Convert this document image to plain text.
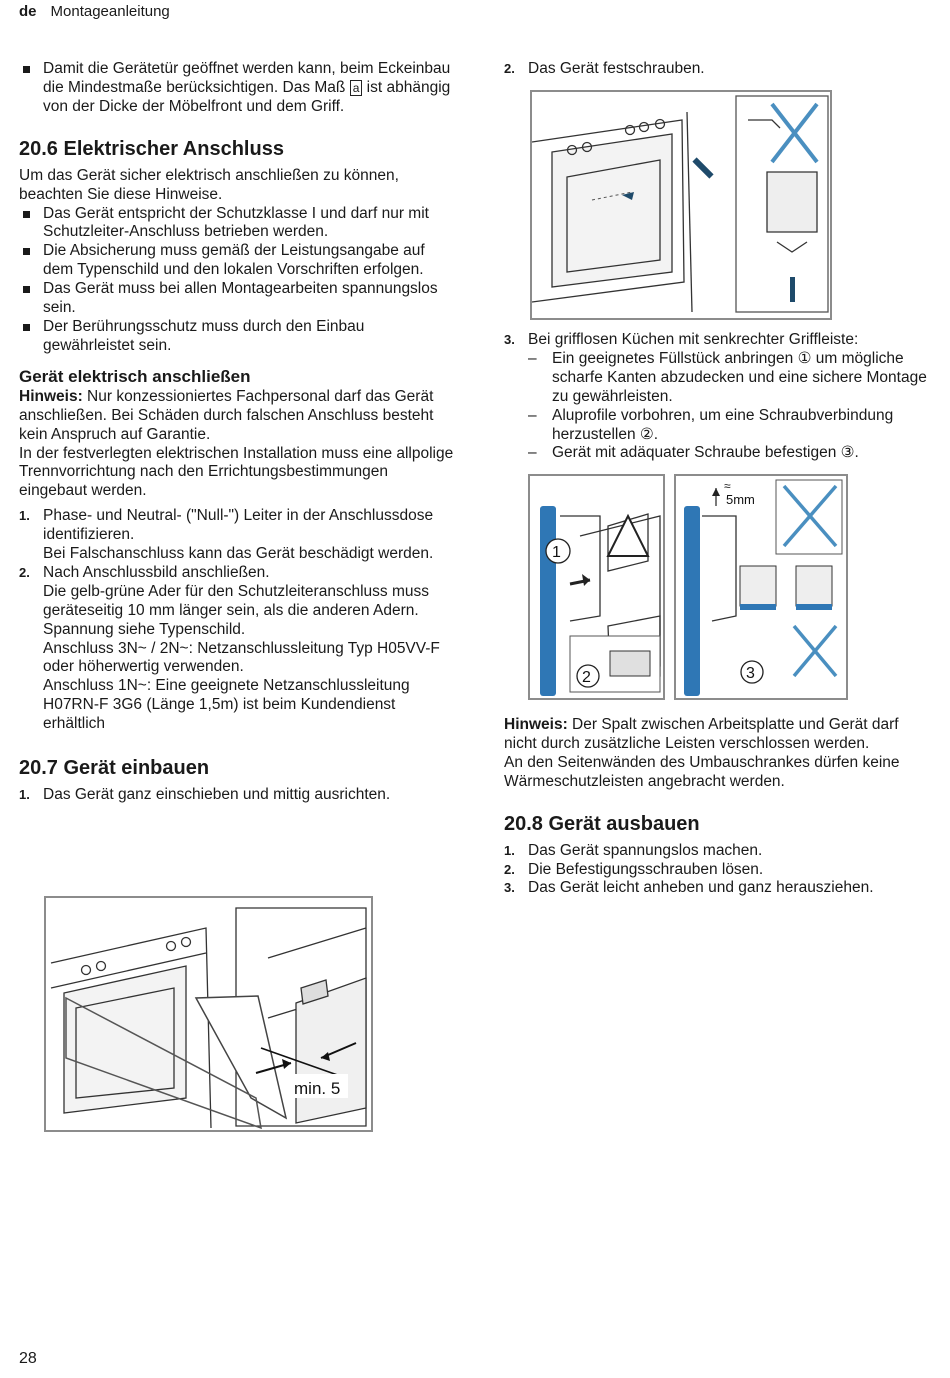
de Montageanleitung
Damit die Gerätetür geöffnet werden kann, beim Eckeinbau die Mindestmaße berücksichtigen. Das Maß a ist abhängig von der Dicke der Möbelfront und dem Griff.
20.6 Elektrischer Anschluss

Um das Gerät sicher elektrisch anschließen zu können, beachten Sie diese Hinweise.

Das Gerät entspricht der Schutzklasse I und darf nur mit Schutzleiter-Anschluss betrieben werden.
Die Absicherung muss gemäß der Leistungsangabe auf dem Typenschild und den lokalen Vorschriften erfolgen.
Das Gerät muss bei allen Montagearbeiten spannungslos sein.
Der Berührungsschutz muss durch den Einbau gewährleistet sein.
Gerät elektrisch anschließen

Hinweis: Nur konzessioniertes Fachpersonal darf das Gerät anschließen. Bei Schäden durch falschen Anschluss besteht kein Anspruch auf Garantie.

In der festverlegten elektrischen Installation muss eine allpolige Trennvorrichtung nach den Errichtungsbestimmungen eingebaut werden.

1. Phase- und Neutral- ("Null-") Leiter in der Anschlussdose identifizieren.
Bei Falschanschluss kann das Gerät beschädigt werden.
2. Nach Anschlussbild anschließen.
Die gelb-grüne Ader für den Schutzleiteranschluss muss geräteseitig 10 mm länger sein, als die anderen Adern.
Spannung siehe Typenschild.
Anschluss 3N~ / 2N~: Netzanschlussleitung Typ H05VV-F oder höherwertig verwenden.
Anschluss 1N~: Eine geeignete Netzanschlussleitung H07RN-F 3G6 (Länge 1,5m) ist beim Kundendienst erhältlich
20.7 Gerät einbauen
1. Das Gerät ganz einschieben und mittig ausrichten.
min. 5
2. Das Gerät festschrauben.
3. Bei grifflosen Küchen mit senkrechter Griffleiste:
– Ein geeignetes Füllstück anbringen ① um mögliche scharfe Kanten abzudecken und eine sichere Montage zu gewährleisten.
– Aluprofile vorbohren, um eine Schraubverbindung herzustellen ②.
– Gerät mit adäquater Schraube befestigen ③.
1
2
≈
5mm
3

Hinweis: Der Spalt zwischen Arbeitsplatte und Gerät darf nicht durch zusätzliche Leisten verschlossen werden.

An den Seitenwänden des Umbauschrankes dürfen keine Wärmeschutzleisten angebracht werden.

20.8 Gerät ausbauen
1. Das Gerät spannungslos machen.
2. Die Befestigungsschrauben lösen.
3. Das Gerät leicht anheben und ganz herausziehen.
28
